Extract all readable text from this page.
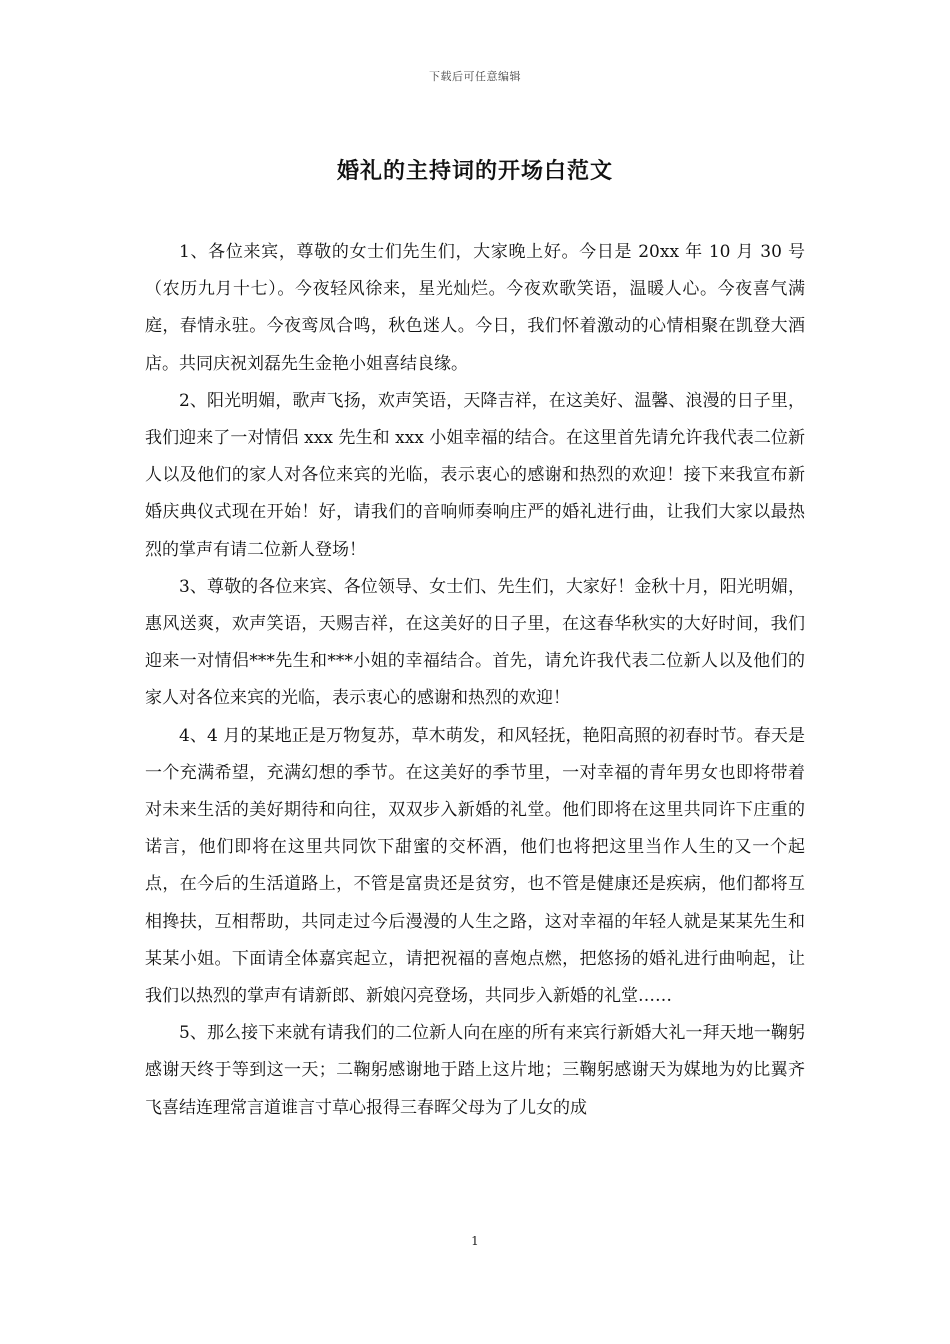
下载后可任意编辑
婚礼的主持词的开场白范文

1、各位来宾，尊敬的女士们先生们，大家晚上好。今日是 20xx 年 10 月 30 号（农历九月十七）。今夜轻风徐来，星光灿烂。今夜欢歌笑语，温暖人心。今夜喜气满庭，春情永驻。今夜鸾凤合鸣，秋色迷人。今日，我们怀着激动的心情相聚在凯登大酒店。共同庆祝刘磊先生金艳小姐喜结良缘。

2、阳光明媚，歌声飞扬，欢声笑语，天降吉祥，在这美好、温馨、浪漫的日子里，我们迎来了一对情侣 xxx 先生和 xxx 小姐幸福的结合。在这里首先请允许我代表二位新人以及他们的家人对各位来宾的光临，表示衷心的感谢和热烈的欢迎！接下来我宣布新婚庆典仪式现在开始！好，请我们的音响师奏响庄严的婚礼进行曲，让我们大家以最热烈的掌声有请二位新人登场！

3、尊敬的各位来宾、各位领导、女士们、先生们，大家好！金秋十月，阳光明媚，惠风送爽，欢声笑语，天赐吉祥，在这美好的日子里，在这春华秋实的大好时间，我们迎来一对情侣***先生和***小姐的幸福结合。首先，请允许我代表二位新人以及他们的家人对各位来宾的光临，表示衷心的感谢和热烈的欢迎！

4、4 月的某地正是万物复苏，草木萌发，和风轻抚，艳阳高照的初春时节。春天是一个充满希望，充满幻想的季节。在这美好的季节里，一对幸福的青年男女也即将带着对未来生活的美好期待和向往，双双步入新婚的礼堂。他们即将在这里共同许下庄重的诺言，他们即将在这里共同饮下甜蜜的交杯酒，他们也将把这里当作人生的又一个起点，在今后的生活道路上，不管是富贵还是贫穷，也不管是健康还是疾病，他们都将互相搀扶，互相帮助，共同走过今后漫漫的人生之路，这对幸福的年轻人就是某某先生和某某小姐。下面请全体嘉宾起立，请把祝福的喜炮点燃，把悠扬的婚礼进行曲响起，让我们以热烈的掌声有请新郎、新娘闪亮登场，共同步入新婚的礼堂……

5、那么接下来就有请我们的二位新人向在座的所有来宾行新婚大礼一拜天地一鞠躬感谢天终于等到这一天；二鞠躬感谢地于踏上这片地；三鞠躬感谢天为媒地为妁比翼齐飞喜结连理常言道谁言寸草心报得三春晖父母为了儿女的成

1
